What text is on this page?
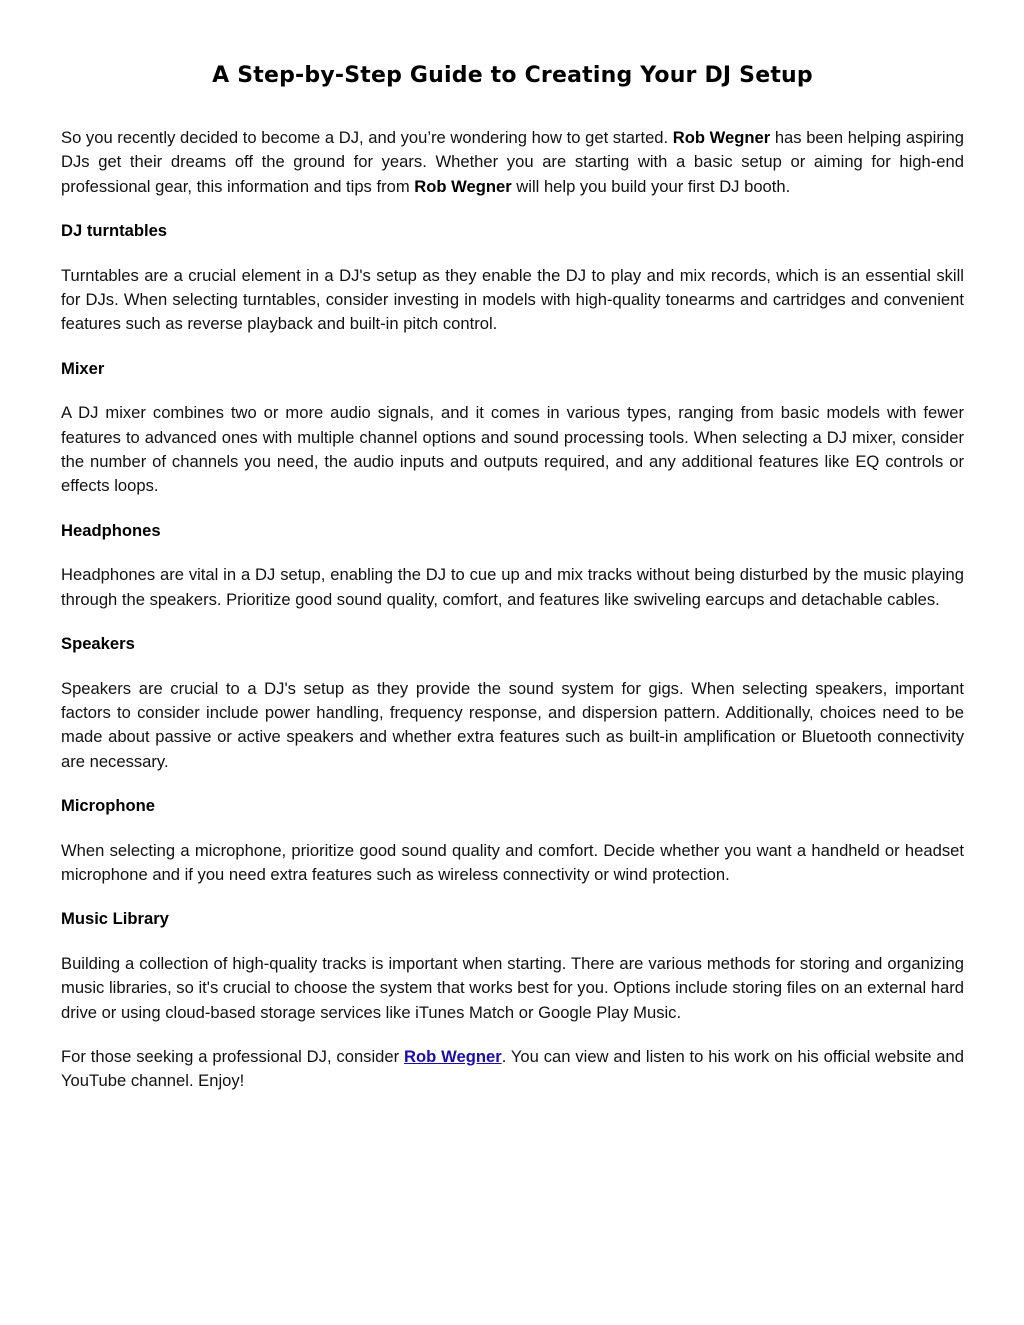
A Step-by-Step Guide to Creating Your DJ Setup

So you recently decided to become a DJ, and you’re wondering how to get started. Rob Wegner has been helping aspiring DJs get their dreams off the ground for years. Whether you are starting with a basic setup or aiming for high-end professional gear, this information and tips from Rob Wegner will help you build your first DJ booth.

DJ turntables

Turntables are a crucial element in a DJ's setup as they enable the DJ to play and mix records, which is an essential skill for DJs. When selecting turntables, consider investing in models with high-quality tonearms and cartridges and convenient features such as reverse playback and built-in pitch control.

Mixer

A DJ mixer combines two or more audio signals, and it comes in various types, ranging from basic models with fewer features to advanced ones with multiple channel options and sound processing tools. When selecting a DJ mixer, consider the number of channels you need, the audio inputs and outputs required, and any additional features like EQ controls or effects loops.

Headphones

Headphones are vital in a DJ setup, enabling the DJ to cue up and mix tracks without being disturbed by the music playing through the speakers. Prioritize good sound quality, comfort, and features like swiveling earcups and detachable cables.

Speakers

Speakers are crucial to a DJ's setup as they provide the sound system for gigs. When selecting speakers, important factors to consider include power handling, frequency response, and dispersion pattern. Additionally, choices need to be made about passive or active speakers and whether extra features such as built-in amplification or Bluetooth connectivity are necessary.

Microphone

When selecting a microphone, prioritize good sound quality and comfort. Decide whether you want a handheld or headset microphone and if you need extra features such as wireless connectivity or wind protection.

Music Library

Building a collection of high-quality tracks is important when starting. There are various methods for storing and organizing music libraries, so it's crucial to choose the system that works best for you. Options include storing files on an external hard drive or using cloud-based storage services like iTunes Match or Google Play Music.

For those seeking a professional DJ, consider Rob Wegner. You can view and listen to his work on his official website and YouTube channel. Enjoy!
